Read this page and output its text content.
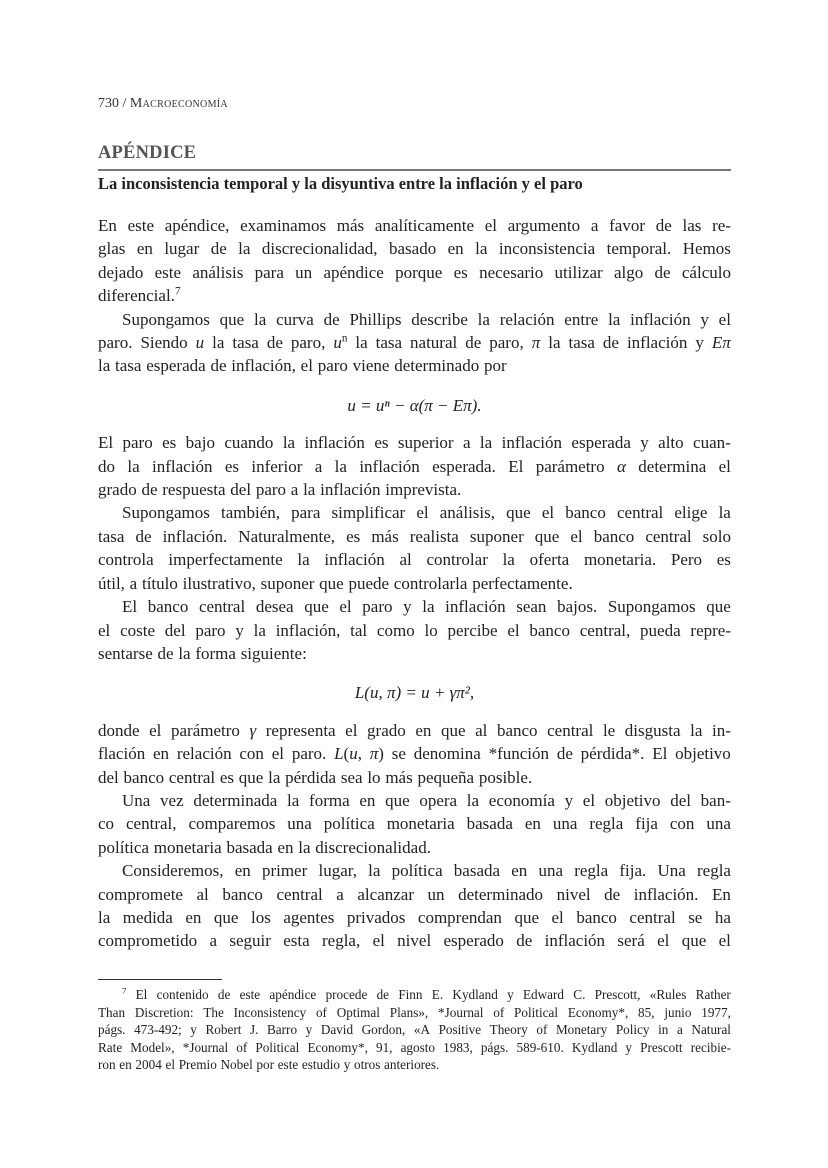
730 / Macroeconomía
APÉNDICE
La inconsistencia temporal y la disyuntiva entre la inflación y el paro
En este apéndice, examinamos más analíticamente el argumento a favor de las re-
glas en lugar de la discrecionalidad, basado en la inconsistencia temporal. Hemos
dejado este análisis para un apéndice porque es necesario utilizar algo de cálculo
diferencial.$^7$
Supongamos que la curva de Phillips describe la relación entre la inflación y el
paro. Siendo u la tasa de paro, $u^n$ la tasa natural de paro, π la tasa de inflación y Eπ
la tasa esperada de inflación, el paro viene determinado por
u = uⁿ − α(π − Eπ).
El paro es bajo cuando la inflación es superior a la inflación esperada y alto cuan-
do la inflación es inferior a la inflación esperada. El parámetro α determina el
grado de respuesta del paro a la inflación imprevista.
Supongamos también, para simplificar el análisis, que el banco central elige la
tasa de inflación. Naturalmente, es más realista suponer que el banco central solo
controla imperfectamente la inflación al controlar la oferta monetaria. Pero es
útil, a título ilustrativo, suponer que puede controlarla perfectamente.
El banco central desea que el paro y la inflación sean bajos. Supongamos que
el coste del paro y la inflación, tal como lo percibe el banco central, pueda repre-
sentarse de la forma siguiente:
L(u, π) = u + γπ²,
donde el parámetro γ representa el grado en que al banco central le disgusta la in-
flación en relación con el paro. L(u, π) se denomina *función de pérdida*. El objetivo
del banco central es que la pérdida sea lo más pequeña posible.
Una vez determinada la forma en que opera la economía y el objetivo del ban-
co central, comparemos una política monetaria basada en una regla fija con una
política monetaria basada en la discrecionalidad.
Consideremos, en primer lugar, la política basada en una regla fija. Una regla
compromete al banco central a alcanzar un determinado nivel de inflación. En
la medida en que los agentes privados comprendan que el banco central se ha
comprometido a seguir esta regla, el nivel esperado de inflación será el que el
$^7$ El contenido de este apéndice procede de Finn E. Kydland y Edward C. Prescott, «Rules Rather
Than Discretion: The Inconsistency of Optimal Plans», *Journal of Political Economy*, 85, junio 1977,
págs. 473-492; y Robert J. Barro y David Gordon, «A Positive Theory of Monetary Policy in a Natural
Rate Model», *Journal of Political Economy*, 91, agosto 1983, págs. 589-610. Kydland y Prescott recibie-
ron en 2004 el Premio Nobel por este estudio y otros anteriores.
